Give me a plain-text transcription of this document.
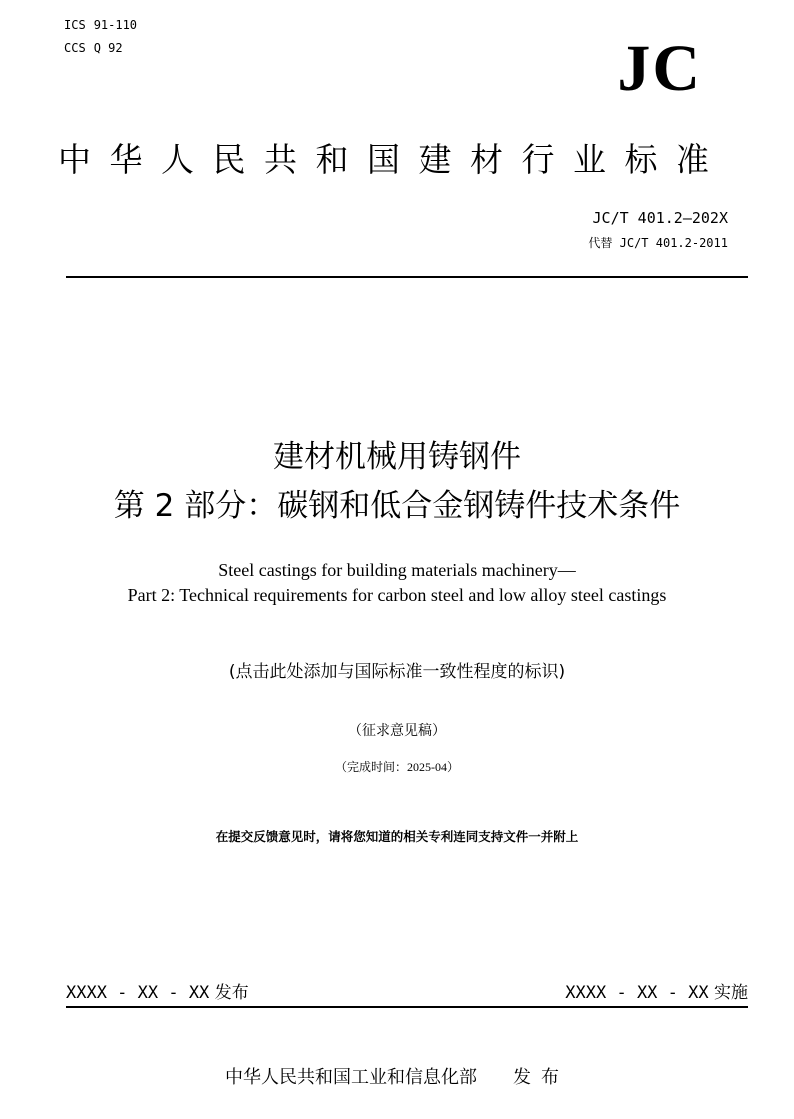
ICS 91-110
CCS Q 92	JC
中华人民共和国建材行业标准
JC/T 401.2—202X
代替 JC/T 401.2-2011
建材机械用铸钢件
第 2 部分：碳钢和低合金钢铸件技术条件
Steel castings for building materials machinery—
Part 2: Technical requirements for carbon steel and low alloy steel castings
(点击此处添加与国际标准一致性程度的标识)
（征求意见稿）
（完成时间：2025-04）
在提交反馈意见时，请将您知道的相关专利连同支持文件一并附上
XXXX - XX - XX 发布	XXXX - XX - XX 实施
中华人民共和国工业和信息化部 发布
